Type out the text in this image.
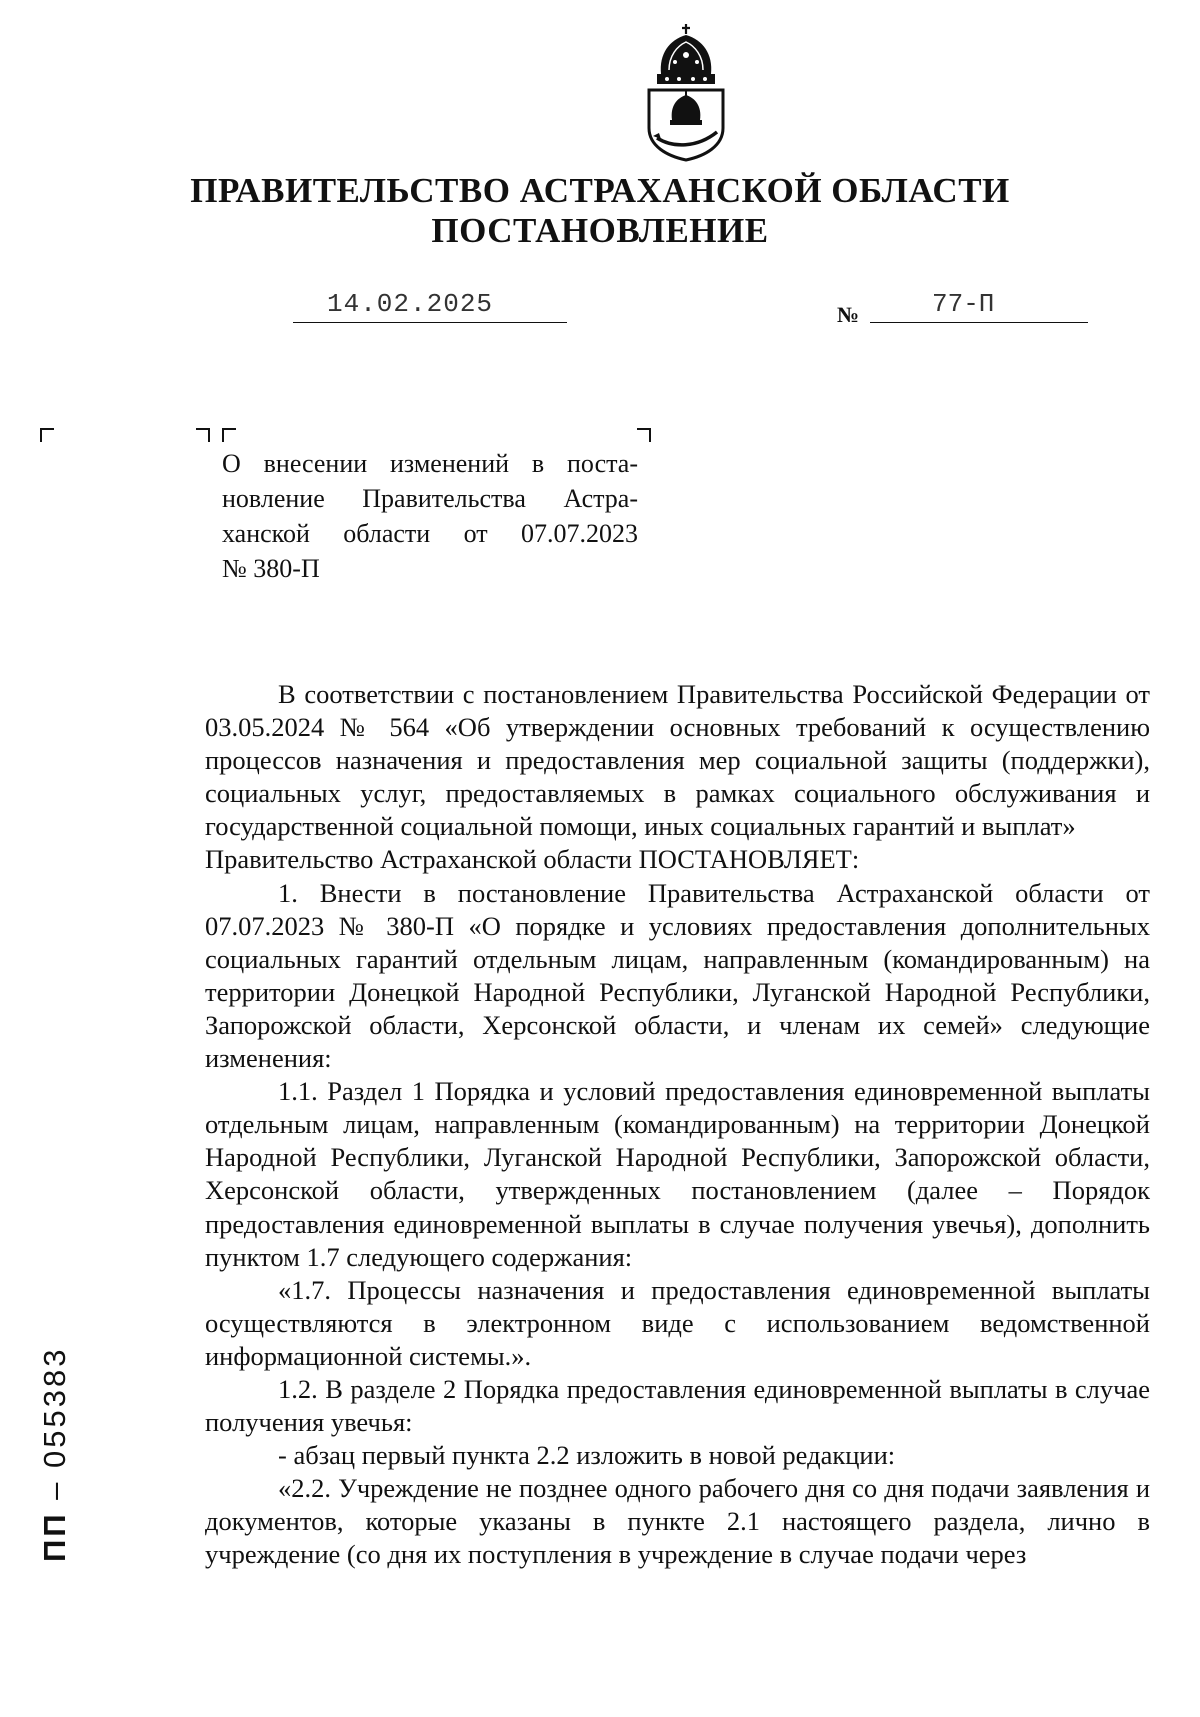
ПРАВИТЕЛЬСТВО АСТРАХАНСКОЙ ОБЛАСТИ
ПОСТАНОВЛЕНИЕ
14.02.2025	№	77-П
О внесении изменений в поста-
новление Правительства Астра-
ханской области от 07.07.2023
№ 380-П

В соответствии с постановлением Правительства Российской Федерации от 03.05.2024 № 564 «Об утверждении основных требований к осуществлению процессов назначения и предоставления мер социальной защиты (поддержки), социальных услуг, предоставляемых в рамках социального обслуживания и государственной социальной помощи, иных социальных гарантий и выплат»

Правительство Астраханской области ПОСТАНОВЛЯЕТ:

1. Внести в постановление Правительства Астраханской области от 07.07.2023 № 380-П «О порядке и условиях предоставления дополнительных социальных гарантий отдельным лицам, направленным (командированным) на территории Донецкой Народной Республики, Луганской Народной Республики, Запорожской области, Херсонской области, и членам их семей» следующие изменения:

1.1. Раздел 1 Порядка и условий предоставления единовременной выплаты отдельным лицам, направленным (командированным) на территории Донецкой Народной Республики, Луганской Народной Республики, Запорожской области, Херсонской области, утвержденных постановлением (далее – Порядок предоставления единовременной выплаты в случае получения увечья), дополнить пунктом 1.7 следующего содержания:

«1.7. Процессы назначения и предоставления единовременной выплаты осуществляются в электронном виде с использованием ведомственной информационной системы.».

1.2. В разделе 2 Порядка предоставления единовременной выплаты в случае получения увечья:

- абзац первый пункта 2.2 изложить в новой редакции:

«2.2. Учреждение не позднее одного рабочего дня со дня подачи заявления и документов, которые указаны в пункте 2.1 настоящего раздела, лично в учреждение (со дня их поступления в учреждение в случае подачи через

ПП – 055383
